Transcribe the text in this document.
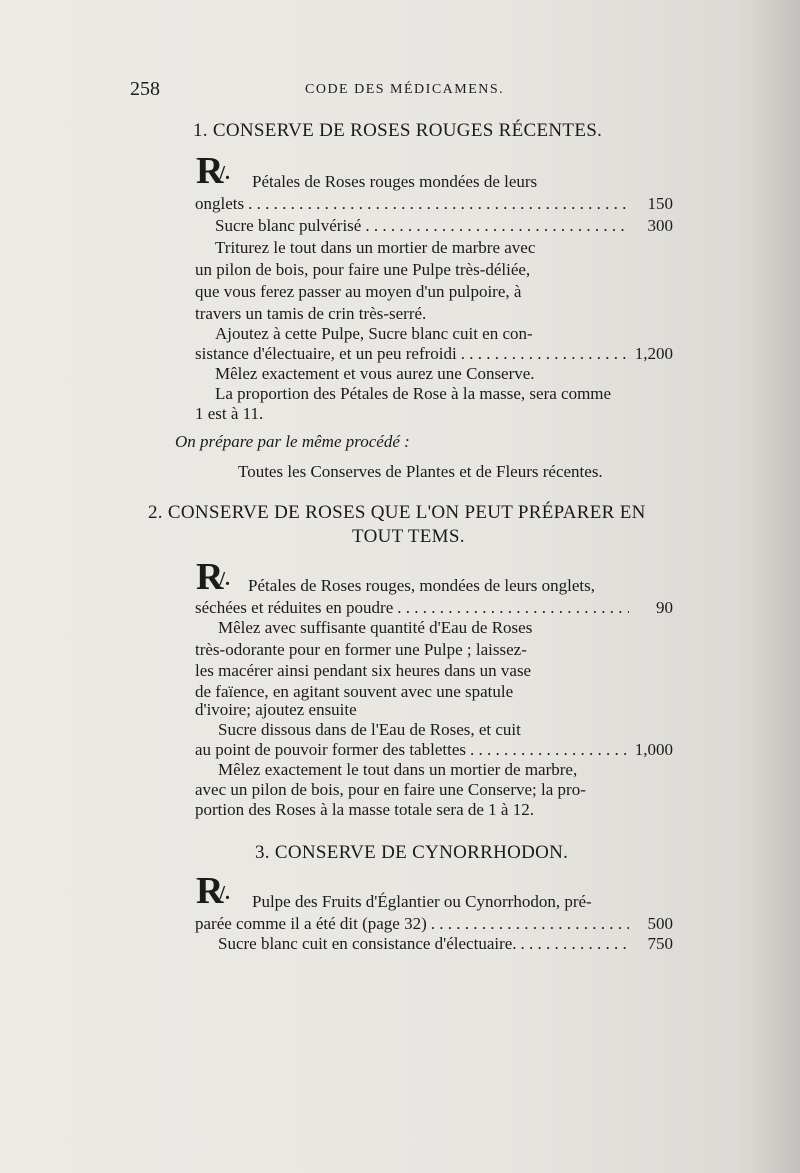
258	CODE DES MÉDICAMENS.
1. CONSERVE DE ROSES ROUGES RÉCENTES.
R/. Pétales de Roses rouges mondées de leurs
onglets . . .	150
Sucre blanc pulvérisé . . .	300
Triturez le tout dans un mortier de marbre avec
un pilon de bois, pour faire une Pulpe très-déliée,
que vous ferez passer au moyen d'un pulpoire, à
travers un tamis de crin très-serré.
Ajoutez à cette Pulpe, Sucre blanc cuit en con-
sistance d'électuaire, et un peu refroidi . . .	1,200
Mêlez exactement et vous aurez une Conserve.
La proportion des Pétales de Rose à la masse, sera comme
1 est à 11.
On prépare par le même procédé :
Toutes les Conserves de Plantes et de Fleurs récentes.
2. CONSERVE DE ROSES QUE L'ON PEUT PRÉPARER EN
TOUT TEMS.
R/. Pétales de Roses rouges, mondées de leurs onglets,
séchées et réduites en poudre . . .	90
Mêlez avec suffisante quantité d'Eau de Roses
très-odorante pour en former une Pulpe ; laissez-
les macérer ainsi pendant six heures dans un vase
de faïence, en agitant souvent avec une spatule
d'ivoire; ajoutez ensuite
Sucre dissous dans de l'Eau de Roses, et cuit
au point de pouvoir former des tablettes . . .	1,000
Mêlez exactement le tout dans un mortier de marbre,
avec un pilon de bois, pour en faire une Conserve; la pro-
portion des Roses à la masse totale sera de 1 à 12.
3. CONSERVE DE CYNORRHODON.
R/. Pulpe des Fruits d'Églantier ou Cynorrhodon, pré-
parée comme il a été dit (page 32) . . .	500
Sucre blanc cuit en consistance d'électuaire. . . .	750
